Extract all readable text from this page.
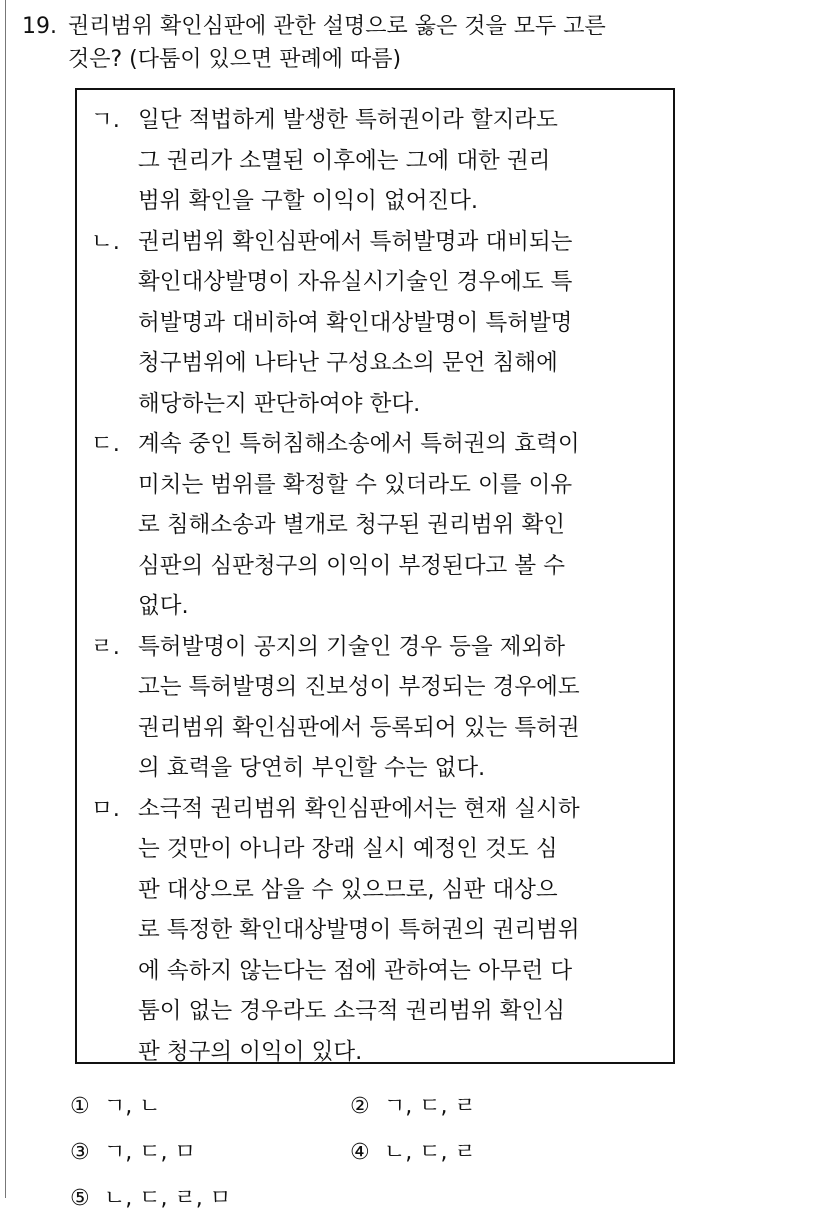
19. 권리범위 확인심판에 관한 설명으로 옳은 것을 모두 고른
것은? (다툼이 있으면 판례에 따름)
ㄱ. 일단 적법하게 발생한 특허권이라 할지라도
그 권리가 소멸된 이후에는 그에 대한 권리
범위 확인을 구할 이익이 없어진다.
ㄴ. 권리범위 확인심판에서 특허발명과 대비되는
확인대상발명이 자유실시기술인 경우에도 특
허발명과 대비하여 확인대상발명이 특허발명
청구범위에 나타난 구성요소의 문언 침해에
해당하는지 판단하여야 한다.
ㄷ. 계속 중인 특허침해소송에서 특허권의 효력이
미치는 범위를 확정할 수 있더라도 이를 이유
로 침해소송과 별개로 청구된 권리범위 확인
심판의 심판청구의 이익이 부정된다고 볼 수
없다.
ㄹ. 특허발명이 공지의 기술인 경우 등을 제외하
고는 특허발명의 진보성이 부정되는 경우에도
권리범위 확인심판에서 등록되어 있는 특허권
의 효력을 당연히 부인할 수는 없다.
ㅁ. 소극적 권리범위 확인심판에서는 현재 실시하
는 것만이 아니라 장래 실시 예정인 것도 심
판 대상으로 삼을 수 있으므로, 심판 대상으
로 특정한 확인대상발명이 특허권의 권리범위
에 속하지 않는다는 점에 관하여는 아무런 다
툼이 없는 경우라도 소극적 권리범위 확인심
판 청구의 이익이 있다.
① ㄱ, ㄴ	② ㄱ, ㄷ, ㄹ
③ ㄱ, ㄷ, ㅁ	④ ㄴ, ㄷ, ㄹ
⑤ ㄴ, ㄷ, ㄹ, ㅁ
